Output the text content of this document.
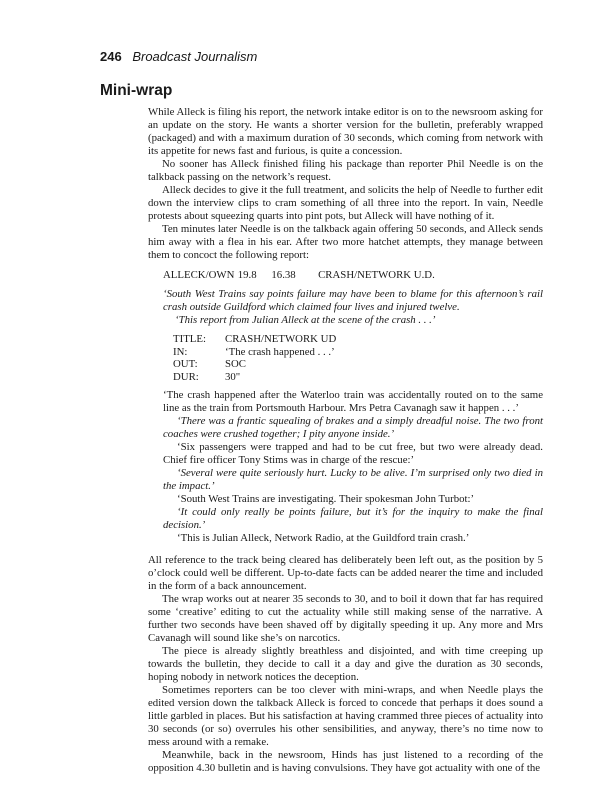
246 Broadcast Journalism
Mini-wrap

While Alleck is filing his report, the network intake editor is on to the newsroom asking for an update on the story. He wants a shorter version for the bulletin, preferably wrapped (packaged) and with a maximum duration of 30 seconds, which coming from network with its appetite for news fast and furious, is quite a concession.

No sooner has Alleck finished filing his package than reporter Phil Needle is on the talkback passing on the network’s request.

Alleck decides to give it the full treatment, and solicits the help of Needle to further edit down the interview clips to cram something of all three into the report. In vain, Needle protests about squeezing quarts into pint pots, but Alleck will have nothing of it.

Ten minutes later Needle is on the talkback again offering 50 seconds, and Alleck sends him away with a flea in his ear. After two more hatchet attempts, they manage between them to concoct the following report:

ALLECK/OWN 19.8 16.38 CRASH/NETWORK U.D.

‘South West Trains say points failure may have been to blame for this afternoon’s rail crash outside Guildford which claimed four lives and injured twelve.

‘This report from Julian Alleck at the scene of the crash . . .’

TITLE:	CRASH/NETWORK UD
IN:	‘The crash happened . . .’
OUT:	SOC
DUR:	30"

‘The crash happened after the Waterloo train was accidentally routed on to the same line as the train from Portsmouth Harbour. Mrs Petra Cavanagh saw it happen . . .’

‘There was a frantic squealing of brakes and a simply dreadful noise. The two front coaches were crushed together; I pity anyone inside.’

‘Six passengers were trapped and had to be cut free, but two were already dead. Chief fire officer Tony Stims was in charge of the rescue:’

‘Several were quite seriously hurt. Lucky to be alive. I’m surprised only two died in the impact.’

‘South West Trains are investigating. Their spokesman John Turbot:’

‘It could only really be points failure, but it’s for the inquiry to make the final decision.’

‘This is Julian Alleck, Network Radio, at the Guildford train crash.’

All reference to the track being cleared has deliberately been left out, as the position by 5 o’clock could well be different. Up-to-date facts can be added nearer the time and included in the form of a back announcement.

The wrap works out at nearer 35 seconds to 30, and to boil it down that far has required some ‘creative’ editing to cut the actuality while still making sense of the narrative. A further two seconds have been shaved off by digitally speeding it up. Any more and Mrs Cavanagh will sound like she’s on narcotics.

The piece is already slightly breathless and disjointed, and with time creeping up towards the bulletin, they decide to call it a day and give the duration as 30 seconds, hoping nobody in network notices the deception.

Sometimes reporters can be too clever with mini-wraps, and when Needle plays the edited version down the talkback Alleck is forced to concede that perhaps it does sound a little garbled in places. But his satisfaction at having crammed three pieces of actuality into 30 seconds (or so) overrules his other sensibilities, and anyway, there’s no time now to mess around with a remake.

Meanwhile, back in the newsroom, Hinds has just listened to a recording of the opposition 4.30 bulletin and is having convulsions. They have got actuality with one of the
